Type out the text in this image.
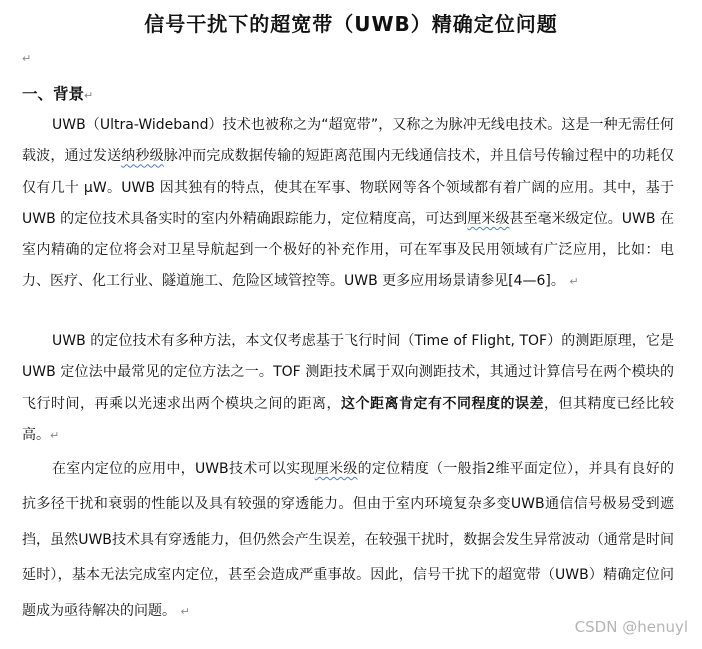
信号干扰下的超宽带（UWB）精确定位问题
↵
一、背景↵

UWB（Ultra-Wideband）技术也被称之为“超宽带”，又称之为脉冲无线电技术。这是一种无需任何载波，通过发送纳秒级脉冲而完成数据传输的短距离范围内无线通信技术，并且信号传输过程中的功耗仅仅有几十 μW。UWB 因其独有的特点，使其在军事、物联网等各个领域都有着广阔的应用。其中，基于 UWB 的定位技术具备实时的室内外精确跟踪能力，定位精度高，可达到厘米级甚至毫米级定位。UWB 在室内精确的定位将会对卫星导航起到一个极好的补充作用，可在军事及民用领域有广泛应用，比如：电力、医疗、化工行业、隧道施工、危险区域管控等。UWB 更多应用场景请参见[4—6]。 ↵

UWB 的定位技术有多种方法，本文仅考虑基于飞行时间（Time of Flight, TOF）的测距原理，它是 UWB 定位法中最常见的定位方法之一。TOF 测距技术属于双向测距技术，其通过计算信号在两个模块的飞行时间，再乘以光速求出两个模块之间的距离，这个距离肯定有不同程度的误差，但其精度已经比较高。↵

在室内定位的应用中，UWB技术可以实现厘米级的定位精度（一般指2维平面定位），并具有良好的抗多径干扰和衰弱的性能以及具有较强的穿透能力。但由于室内环境复杂多变UWB通信信号极易受到遮挡，虽然UWB技术具有穿透能力，但仍然会产生误差，在较强干扰时，数据会发生异常波动（通常是时间延时），基本无法完成室内定位，甚至会造成严重事故。因此，信号干扰下的超宽带（UWB）精确定位问题成为亟待解决的问题。 ↵

CSDN @henuyl
